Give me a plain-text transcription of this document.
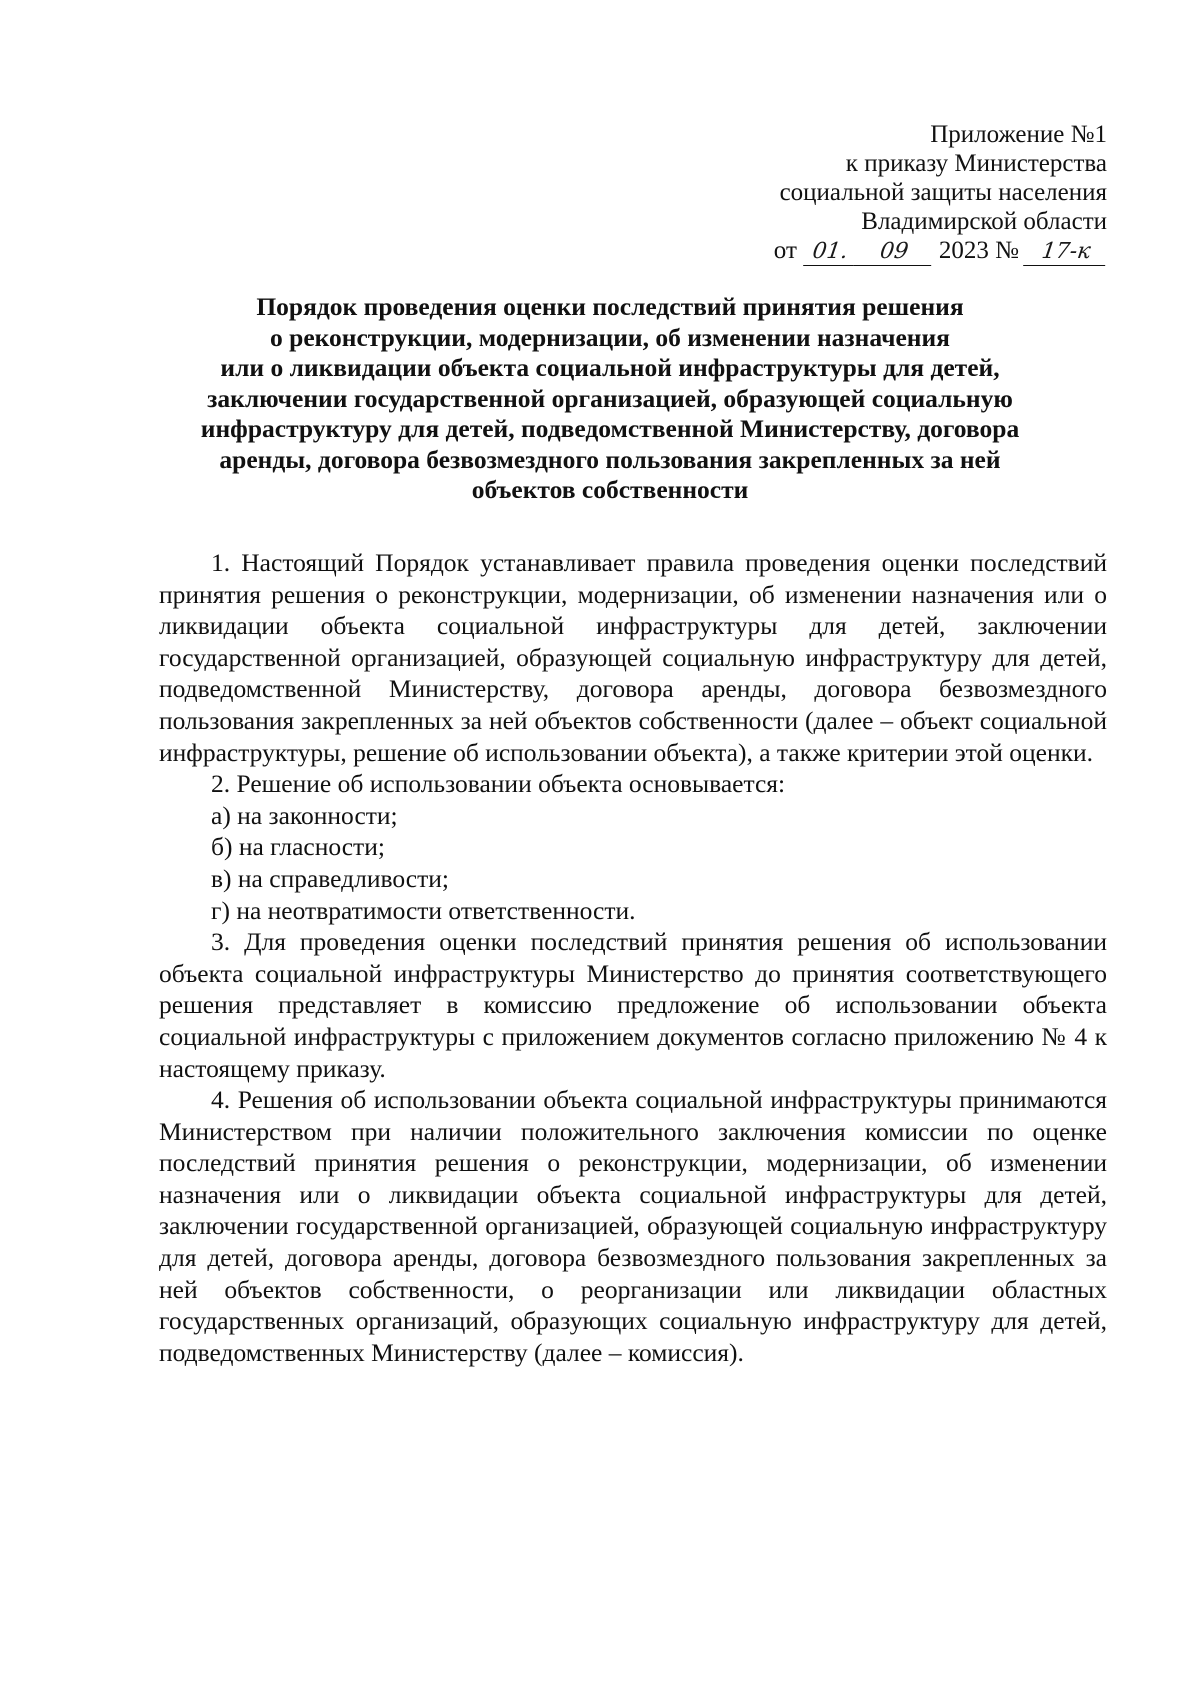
Приложение №1
к приказу Министерства
социальной защиты населения
Владимирской области
от 01.	09	2023 № 17-к
Порядок проведения оценки последствий принятия решения
о реконструкции, модернизации, об изменении назначения
или о ликвидации объекта социальной инфраструктуры для детей,
заключении государственной организацией, образующей социальную
инфраструктуру для детей, подведомственной Министерству, договора
аренды, договора безвозмездного пользования закрепленных за ней
объектов собственности

1. Настоящий Порядок устанавливает правила проведения оценки последствий принятия решения о реконструкции, модернизации, об изменении назначения или о ликвидации объекта социальной инфраструктуры для детей, заключении государственной организацией, образующей социальную инфраструктуру для детей, подведомственной Министерству, договора аренды, договора безвозмездного пользования закрепленных за ней объектов собственности (далее – объект социальной инфраструктуры, решение об использовании объекта), а также критерии этой оценки.

2. Решение об использовании объекта основывается:

а) на законности;

б) на гласности;

в) на справедливости;

г) на неотвратимости ответственности.

3. Для проведения оценки последствий принятия решения об использовании объекта социальной инфраструктуры Министерство до принятия соответствующего решения представляет в комиссию предложение об использовании объекта социальной инфраструктуры с приложением документов согласно приложению № 4 к настоящему приказу.

4. Решения об использовании объекта социальной инфраструктуры принимаются Министерством при наличии положительного заключения комиссии по оценке последствий принятия решения о реконструкции, модернизации, об изменении назначения или о ликвидации объекта социальной инфраструктуры для детей, заключении государственной организацией, образующей социальную инфраструктуру для детей, договора аренды, договора безвозмездного пользования закрепленных за ней объектов собственности, о реорганизации или ликвидации областных государственных организаций, образующих социальную инфраструктуру для детей, подведомственных Министерству (далее – комиссия).
